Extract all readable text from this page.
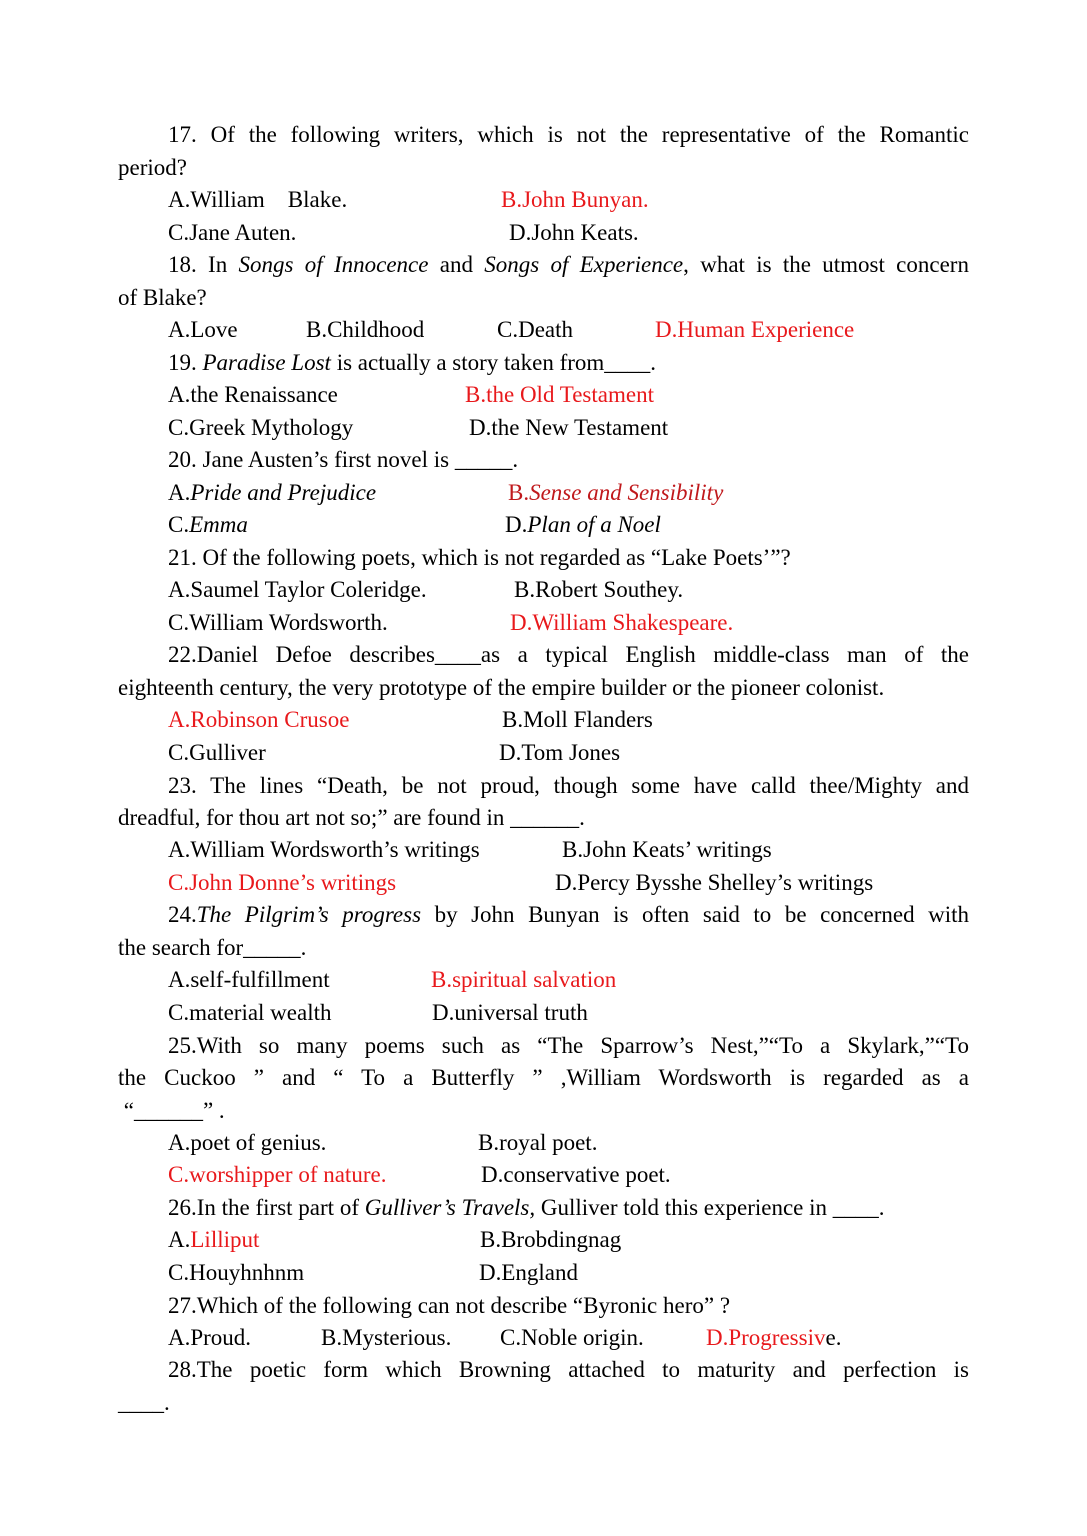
17. Of the following writers, which is not the representative of the Romantic
period?
A.William    Blake.	B.John Bunyan.
C.Jane Auten.	D.John Keats.
18. In Songs of Innocence and Songs of Experience, what is the utmost concern
of Blake?
A.Love	B.Childhood	C.Death	D.Human Experience
19. Paradise Lost is actually a story taken from____.
A.the Renaissance	B.the Old Testament
C.Greek Mythology	D.the New Testament
20. Jane Austen’s first novel is _____.
A.Pride and Prejudice	B.Sense and Sensibility
C.Emma	D.Plan of a Noel
21. Of the following poets, which is not regarded as “Lake Poets’”?
A.Saumel Taylor Coleridge.	B.Robert Southey.
C.William Wordsworth.	D.William Shakespeare.
22.Daniel Defoe describes____as a typical English middle-class man of the
eighteenth century, the very prototype of the empire builder or the pioneer colonist.
A.Robinson Crusoe	B.Moll Flanders
C.Gulliver	D.Tom Jones
23. The lines “Death, be not proud, though some have calld thee/Mighty and
dreadful, for thou art not so;” are found in ______.
A.William Wordsworth’s writings	B.John Keats’ writings
C.John Donne’s writings	D.Percy Bysshe Shelley’s writings
24.The Pilgrim’s progress by John Bunyan is often said to be concerned with
the search for_____.
A.self-fulfillment	B.spiritual salvation
C.material wealth	D.universal truth
25.With so many poems such as “The Sparrow’s Nest,”“To a Skylark,”“To
the Cuckoo ” and “ To a Butterfly ” ,William Wordsworth is regarded as a
“______” .
A.poet of genius.	B.royal poet.
C.worshipper of nature.	D.conservative poet.
26.In the first part of Gulliver’s Travels, Gulliver told this experience in ____.
A.Lilliput	B.Brobdingnag
C.Houyhnhnm	D.England
27.Which of the following can not describe “Byronic hero” ?
A.Proud.	B.Mysterious. C.Noble origin.	D.Progressive.
28.The poetic form which Browning attached to maturity and perfection is
____.
